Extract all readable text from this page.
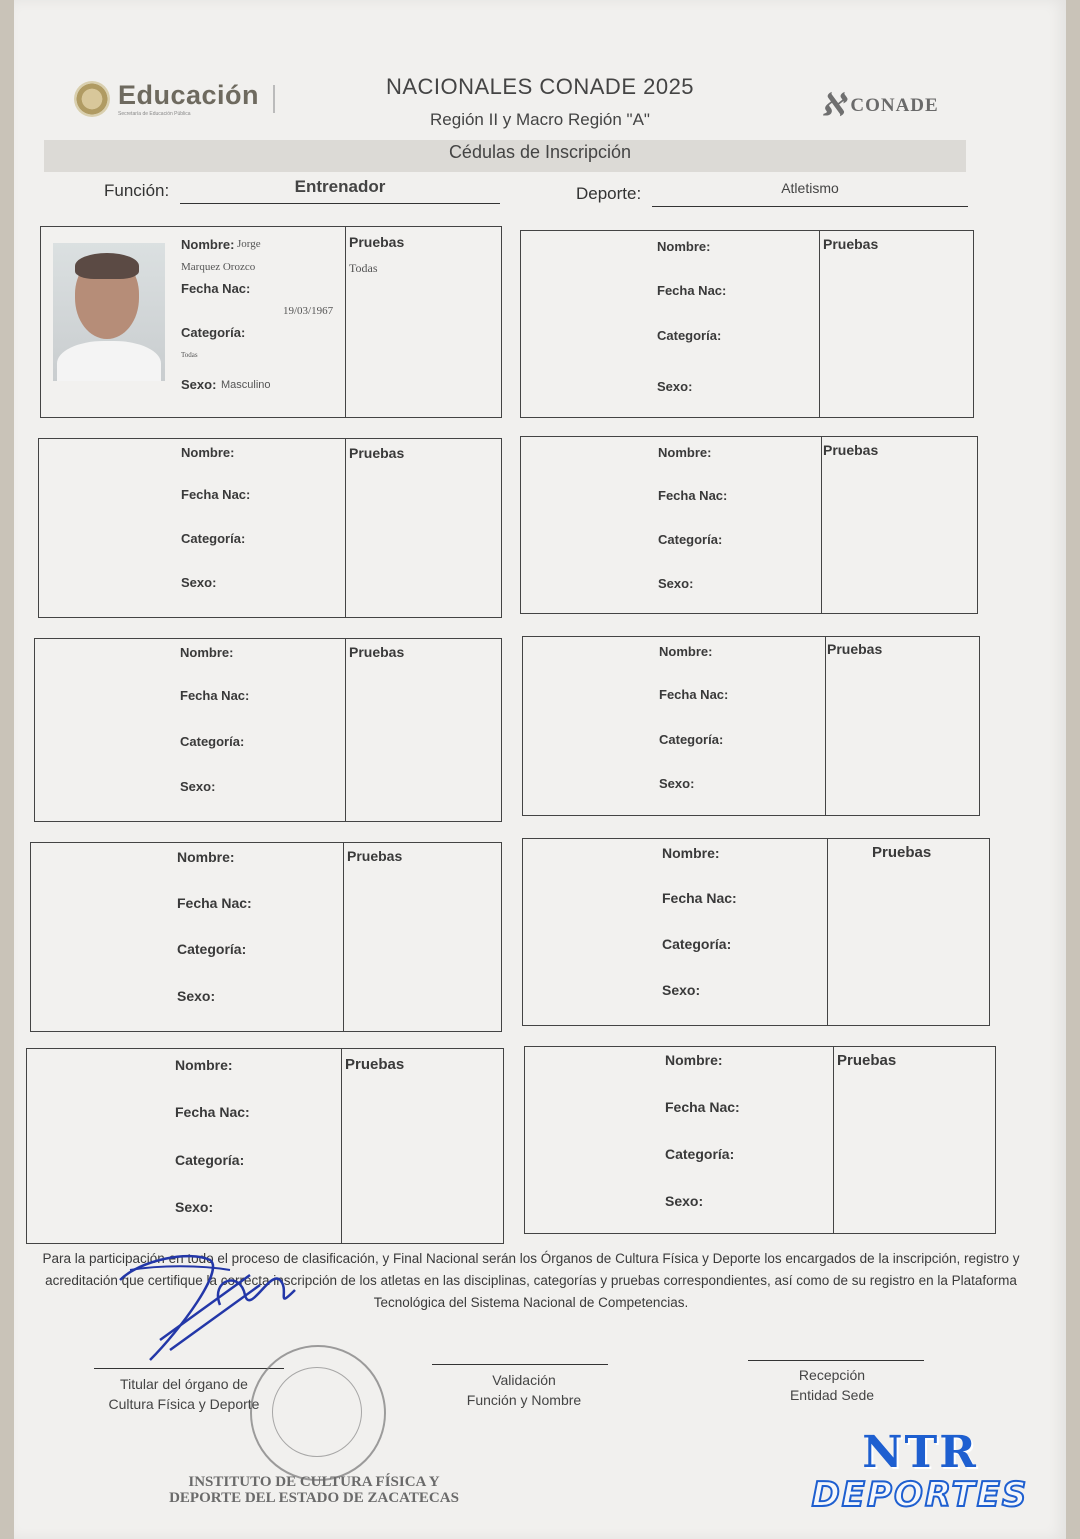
Educación
Secretaría de Educación Pública
NACIONALES CONADE 2025
Región II y Macro Región "A"
Cédulas de Inscripción
ℵ CONADE
Función:	Entrenador	Deporte:	Atletismo
Nombre: Jorge
Marquez Orozco
Fecha Nac:
19/03/1967
Categoría:
Todas
Sexo: Masculino
Pruebas
Todas
Nombre:
Fecha Nac:
Categoría:
Sexo:
Pruebas
Nombre:
Fecha Nac:
Categoría:
Sexo:
Pruebas	Nombre:
Fecha Nac:
Categoría:
Sexo:
Pruebas
Nombre:
Fecha Nac:
Categoría:
Sexo:
Pruebas	Nombre:
Fecha Nac:
Categoría:
Sexo:
Pruebas
Nombre:
Fecha Nac:
Categoría:
Sexo:
Pruebas	Nombre:
Fecha Nac:
Categoría:
Sexo:
Pruebas
Nombre:
Fecha Nac:
Categoría:
Sexo:
Pruebas	Nombre:
Fecha Nac:
Categoría:
Sexo:
Pruebas
Para la participación en todo el proceso de clasificación, y Final Nacional serán los Órganos de Cultura Física y Deporte los encargados de la inscripción, registro y acreditación que certifique la correcta inscripción de los atletas en las disciplinas, categorías y pruebas correspondientes, así como de su registro en la Plataforma Tecnológica del Sistema Nacional de Competencias.
Titular del órgano de
Cultura Física y Deporte
Validación
Función y Nombre
Recepción
Entidad Sede
INSTITUTO DE CULTURA FÍSICA Y DEPORTE DEL ESTADO DE ZACATECAS
NTR
DEPORTES
